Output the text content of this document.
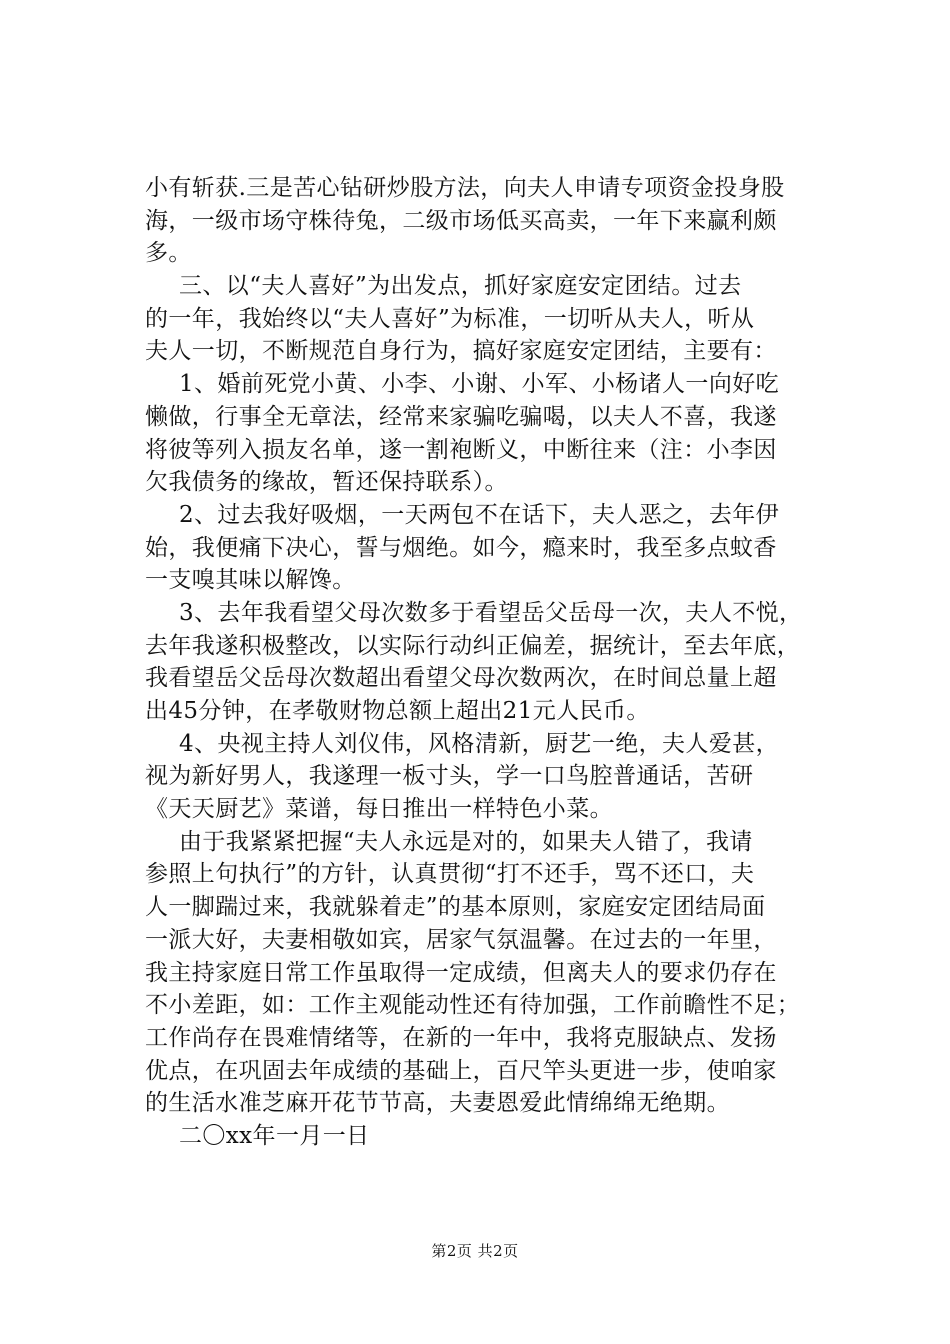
小有斩获.三是苦心钻研炒股方法，向夫人申请专项资金投身股
海，一级市场守株待兔，二级市场低买高卖，一年下来赢利颇
多。
三、以“夫人喜好”为出发点，抓好家庭安定团结。过去
的一年，我始终以“夫人喜好”为标准，一切听从夫人，听从
夫人一切，不断规范自身行为，搞好家庭安定团结，主要有：
1、婚前死党小黄、小李、小谢、小军、小杨诸人一向好吃
懒做，行事全无章法，经常来家骗吃骗喝，以夫人不喜，我遂
将彼等列入损友名单，遂一割袍断义，中断往来（注：小李因
欠我债务的缘故，暂还保持联系）。
2、过去我好吸烟，一天两包不在话下，夫人恶之，去年伊
始，我便痛下决心，誓与烟绝。如今，瘾来时，我至多点蚊香
一支嗅其味以解馋。
3、去年我看望父母次数多于看望岳父岳母一次，夫人不悦，
去年我遂积极整改，以实际行动纠正偏差，据统计，至去年底，
我看望岳父岳母次数超出看望父母次数两次，在时间总量上超
出45分钟，在孝敬财物总额上超出21元人民币。
4、央视主持人刘仪伟，风格清新，厨艺一绝，夫人爱甚，
视为新好男人，我遂理一板寸头，学一口鸟腔普通话，苦研
《天天厨艺》菜谱，每日推出一样特色小菜。
由于我紧紧把握“夫人永远是对的，如果夫人错了，我请
参照上句执行”的方针，认真贯彻“打不还手，骂不还口，夫
人一脚踹过来，我就躲着走”的基本原则，家庭安定团结局面
一派大好，夫妻相敬如宾，居家气氛温馨。在过去的一年里，
我主持家庭日常工作虽取得一定成绩，但离夫人的要求仍存在
不小差距，如：工作主观能动性还有待加强，工作前瞻性不足；
工作尚存在畏难情绪等，在新的一年中，我将克服缺点、发扬
优点，在巩固去年成绩的基础上，百尺竿头更进一步，使咱家
的生活水准芝麻开花节节高，夫妻恩爱此情绵绵无绝期。
二〇xx年一月一日
第2页 共2页
